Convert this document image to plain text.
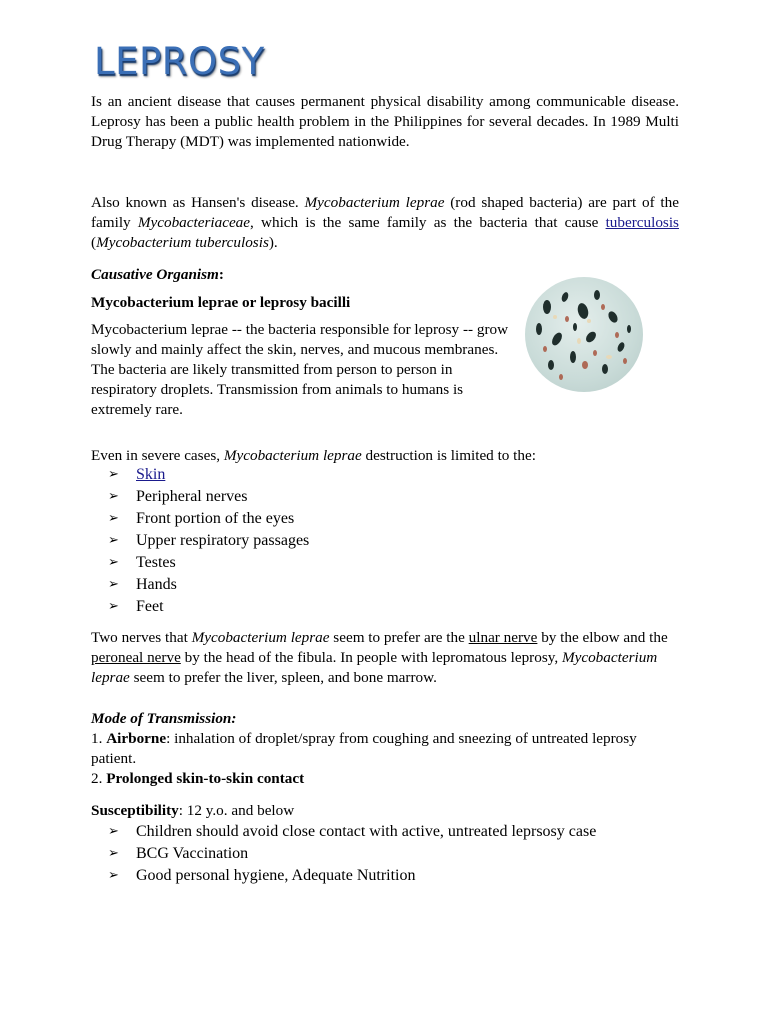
LEPROSY

Is an ancient disease that causes permanent physical disability among communicable disease. Leprosy has been a public health problem in the Philippines for several decades. In 1989 Multi Drug Therapy (MDT) was implemented nationwide.

Also known as Hansen's disease. Mycobacterium leprae (rod shaped bacteria) are part of the family Mycobacteriaceae, which is the same family as the bacteria that cause tuberculosis (Mycobacterium tuberculosis).

Causative Organism:

Mycobacterium leprae or leprosy bacilli

Mycobacterium leprae -- the bacteria responsible for leprosy -- grow slowly and mainly affect the skin, nerves, and mucous membranes. The bacteria are likely transmitted from person to person in respiratory droplets. Transmission from animals to humans is extremely rare.

Even in severe cases, Mycobacterium leprae destruction is limited to the:

➢	Skin
➢	Peripheral nerves
➢	Front portion of the eyes
➢	Upper respiratory passages
➢	Testes
➢	Hands
➢	Feet

Two nerves that Mycobacterium leprae seem to prefer are the ulnar nerve by the elbow and the peroneal nerve by the head of the fibula. In people with lepromatous leprosy, Mycobacterium leprae seem to prefer the liver, spleen, and bone marrow.

Mode of Transmission:

1. Airborne: inhalation of droplet/spray from coughing and sneezing of untreated leprosy patient.

2. Prolonged skin-to-skin contact

Susceptibility: 12 y.o. and below

➢	Children should avoid close contact with active, untreated leprsosy case
➢	BCG Vaccination
➢	Good personal hygiene, Adequate Nutrition
